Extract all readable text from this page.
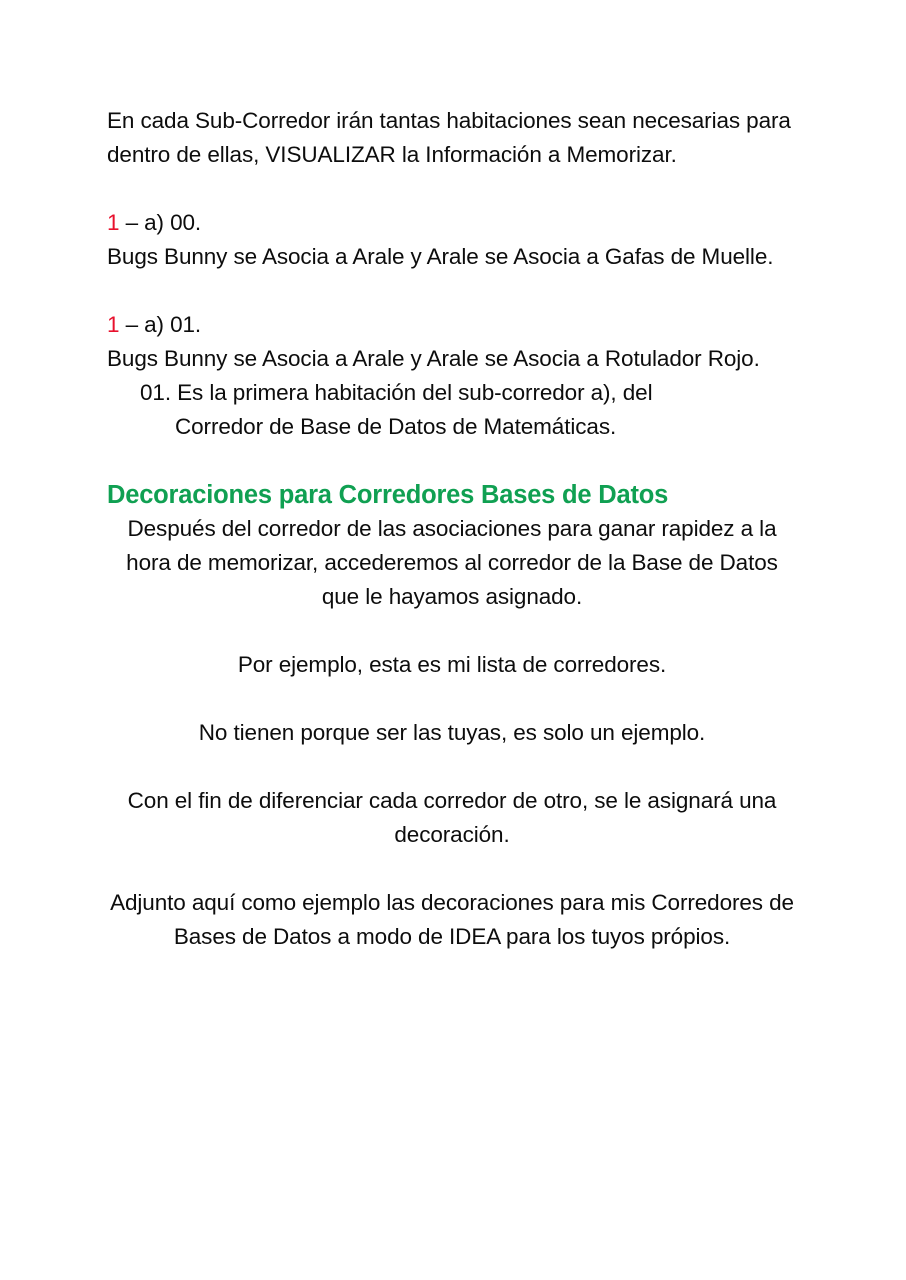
En cada Sub-Corredor irán tantas habitaciones sean necesarias para dentro de ellas, VISUALIZAR la Información a Memorizar.

1 – a) 00.

Bugs Bunny se Asocia a Arale y Arale se Asocia a Gafas de Muelle.

1 – a) 01.

Bugs Bunny se Asocia a Arale y Arale se Asocia a Rotulador Rojo.

01. Es la primera habitación del sub-corredor a), del

Corredor de Base de Datos de Matemáticas.

Decoraciones para Corredores Bases de Datos

Después del corredor de las asociaciones para ganar rapidez a la hora de memorizar, accederemos al corredor de la Base de Datos que le hayamos asignado.

Por ejemplo, esta es mi lista de corredores.

No tienen porque ser las tuyas, es solo un ejemplo.

Con el fin de diferenciar cada corredor de otro, se le asignará una decoración.

Adjunto aquí como ejemplo las decoraciones para mis Corredores de Bases de Datos a modo de IDEA para los tuyos própios.
